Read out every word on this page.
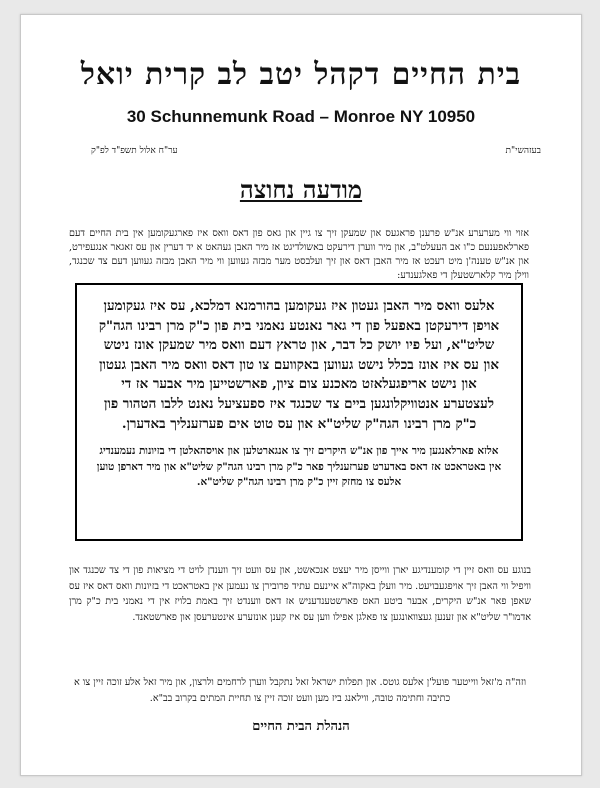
בית החיים דקהל יטב לב קרית יואל
30 Schunnemunk Road – Monroe NY 10950
ער"ח אלול תשפ"ד לפ"ק	בעזהשי"ת
מודעה נחוצה
אזוי ווי מערערע אנ"ש פרענן פראגעס און שמעקן זיך צו גיין און גאס פון דאס וואס איז פארגעקומען אין בית החיים דעם פארלאפענעם כ"ו אב העעלט"ב, און מיר ווערן דירעקט באשולדיגט אז מיר האבן געהאט א יד דערין און עס זאגאר אנגעפירט, און אנ"ש טענה'ן מיט רעכט אז מיר האבן דאס און זיך ועלבסט מער מבזה געווען ווי מיר האבן מבזה געווען דעם צד שכנגד, ווילן מיר קלארשטעלן די פאלגענדע:
אלעס וואס מיר האבן געטון איז געקומען בהורמנא דמלכא, עס איז געקומען אויפן דירעקטן באפעל פון די גאר נאנטע נאמני בית פון כ"ק מרן רבינו הגה"ק שליט"א, ועל פיו יושק כל דבר, און טראץ דעם וואס מיר שמעקן אונז ניטש און עס איז אונז בכלל נישט געווען באקוועם צו טון דאס וואס מיר האבן געטון און נישט אריפגעלאזט מאכנע צום ציון, פארשטייען מיר אבער אז די לעצטערע אנטוויקלונגען ביים צד שכנגד איז ספעציעל נאנט ללבו הטהור פון כ"ק מרן רבינו הגה"ק שליט"א און עס טוט אים פערזענליך באדערן.
אלזא פארלאנגען מיר אייך פון אנ"ש היקרים זיך צו אנגארטלען און אויסהאלטן די בזיונות נעמענדיג אין באטראכט אז דאס באדערט פערזענליך פאר כ"ק מרן רבינו הגה"ק שליט"א און מיר דארפן טוען אלעס צו מחזק זיין כ"ק מרן רבינו הגה"ק שליט"א.
בנוגע עס וואס זיין די קומענדיגע יארן ווייסן מיר יעצט אנכאשט, און עס וועט זיך ווענדן לויט די מציאות פון די צד שכנגד און וויפיל ווי האבן זיך אויפגעבויעט. מיר וועלן באקוה"א איינעם עתיד פרובירן צו נעמען אין באטראכט די בזיונות וואס דאס איז עס שאפן פאר אנ"ש היקרים, אבער ביטע האט פארשטענדעניש אז דאס ווענדט זיך באמת בלויז אין די נאמני בית כ"ק מרן אדמו"ר שליט"א און זענען געצוואונגען צו פאלגן אפילו ווען עס איז קענן אונזערע אינטערעסן און פארשטאנד.
וזה"ה מ'זאל ווייטער פועל'ן אלעס גוטס. און תפלות ישראל זאל נתקבל ווערן לרחמים ולרצון, און מיר זאל אלע זוכה זיין צו א כתיבה וחתימה טובה, ווילאנג ביז מען וועט זוכה זיין צו תחיית המתים בקרוב בב"א.
הנהלת הבית החיים
